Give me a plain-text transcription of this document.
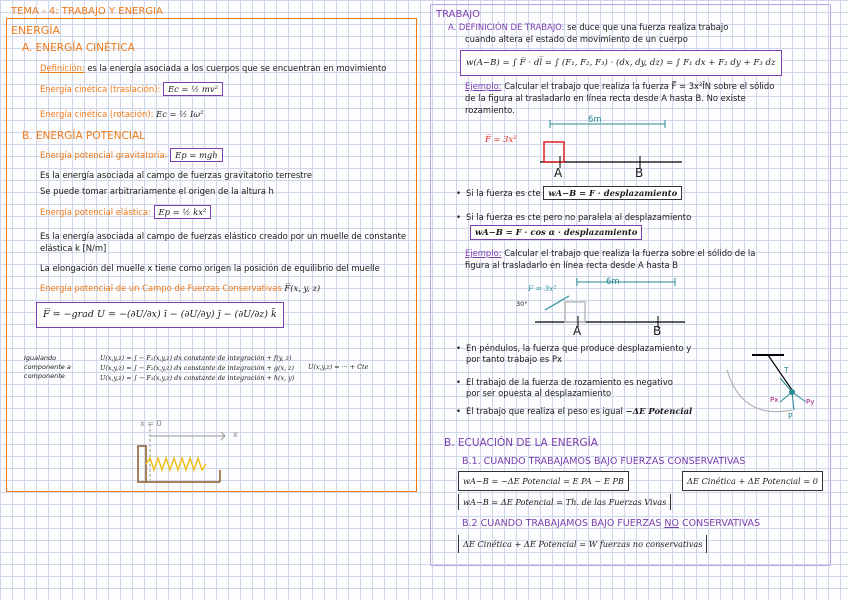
TEMA - 4: TRABAJO Y ENERGIA
ENERGÍA
A. ENERGÍA CINÉTICA
Definición: es la energía asociada a los cuerpos que se encuentran en movimiento
Energía cinética (traslación): Ec = ½ mv²
Energía cinética (rotación): Ec = ½ Iω²
B. ENERGÍA POTENCIAL
Energía potencial gravitatoria: Ep = mgh
Es la energía asociada al campo de fuerzas gravitatorio terrestre
Se puede tomar arbitrariamente el origen de la altura h
Energía potencial elástica: Ep = ½ kx²
Es la energía asociada al campo de fuerzas elástico creado por un muelle de constante elástica k [N/m]
La elongación del muelle x tiene como origen la posición de equilibrio del muelle
Energía potencial de un Campo de Fuerzas Conservativas F̅(x, y, z)
F̅ = −grad U = −(∂U/∂x) ī − (∂U/∂y) j̄ − (∂U/∂z) k̄
Igualando componente a componente
U(x,y,z) = ∫ − F₁(x,y,z) dx constante de integración + f(y, z)
U(x,y,z) = ∫ − F₂(x,y,z) dx constante de integración + g(x, z)
U(x,y,z) = ∫ − F₃(x,y,z) dx constante de integración + h(x, y)
U(x,y,z) = ··· + Cte
x = 0
x
TRABAJO
A. DEFINICIÓN DE TRABAJO: se duce que una fuerza realiza trabajo
cuando altera el estado de movimiento de un cuerpo
w(A−B) = ∫ F̅ · dl̅ = ∫ (F₁, F₂, F₃) · (dx, dy, dz) = ∫ F₁ dx + F₂ dy + F₃ dz
Ejemplo: Calcular el trabajo que realiza la fuerza F̅ = 3x²ĪN sobre el sólido
de la figura al trasladarlo en línea recta desde A hasta B. No existe
rozamiento.
F̅ = 3x²
6m
A	B
• Si la fuerza es cte wA−B = F · desplazamiento
• Si la fuerza es cte pero no paralela al desplazamiento
wA−B = F · cos α · desplazamiento
Ejemplo: Calcular el trabajo que realiza la fuerza sobre el sólido de la
figura al trasladarlo en línea recta desde A hasta B
F = 3x²
30°
6m
A	B
• En péndulos, la fuerza que produce desplazamiento y
por tanto trabajo es Px
• El trabajo de la fuerza de rozamiento es negativo
por ser opuesta al desplazamiento
• El trabajo que realiza el peso es igual −ΔE Potencial
T
Px	Py
P
B. ECUACIÓN DE LA ENERGÍA
B.1. CUANDO TRABAJAMOS BAJO FUERZAS CONSERVATIVAS
wA−B = −ΔE Potencial = E PA − E PB	ΔE Cinética + ΔE Potencial = 0
wA−B = ΔE Potencial = Th. de las Fuerzas Vivas
B.2 CUANDO TRABAJAMOS BAJO FUERZAS NO CONSERVATIVAS
ΔE Cinética + ΔE Potencial = W fuerzas no conservativas
